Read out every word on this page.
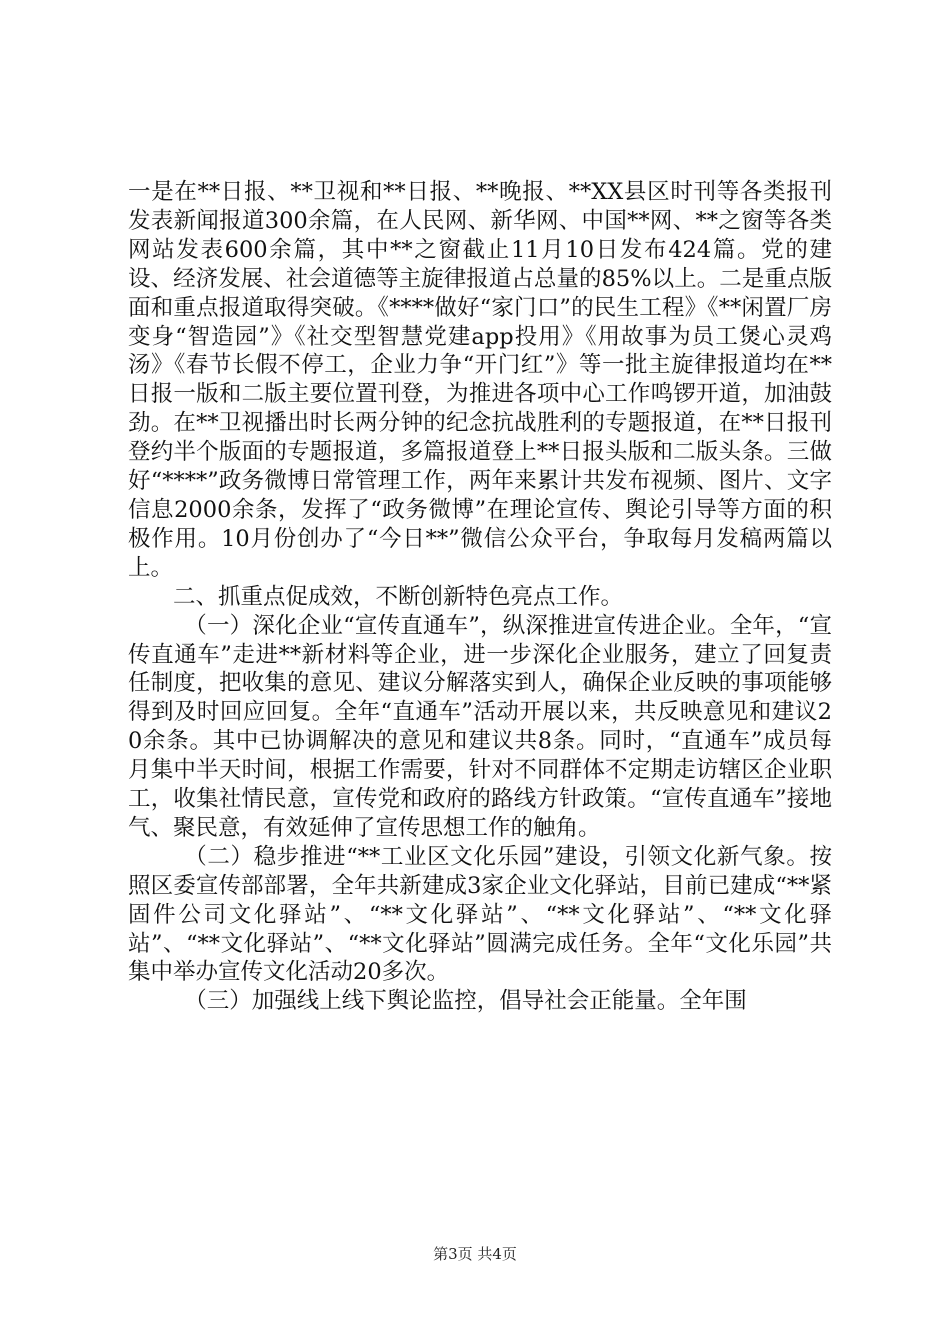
一是在**日报、**卫视和**日报、**晚报、**XX县区时刊等各类报刊发表新闻报道300余篇，在人民网、新华网、中国**网、**之窗等各类网站发表600余篇，其中**之窗截止11月10日发布424篇。党的建设、经济发展、社会道德等主旋律报道占总量的85%以上。二是重点版面和重点报道取得突破。《****做好“家门口”的民生工程》《**闲置厂房变身“智造园”》《社交型智慧党建app投用》《用故事为员工煲心灵鸡汤》《春节长假不停工，企业力争“开门红”》等一批主旋律报道均在**日报一版和二版主要位置刊登，为推进各项中心工作鸣锣开道，加油鼓劲。在**卫视播出时长两分钟的纪念抗战胜利的专题报道，在**日报刊登约半个版面的专题报道，多篇报道登上**日报头版和二版头条。三做好“****”政务微博日常管理工作，两年来累计共发布视频、图片、文字信息2000余条，发挥了“政务微博”在理论宣传、舆论引导等方面的积极作用。10月份创办了“今日**”微信公众平台，争取每月发稿两篇以上。

二、抓重点促成效，不断创新特色亮点工作。

（一）深化企业“宣传直通车”，纵深推进宣传进企业。全年，“宣传直通车”走进**新材料等企业，进一步深化企业服务，建立了回复责任制度，把收集的意见、建议分解落实到人，确保企业反映的事项能够得到及时回应回复。全年“直通车”活动开展以来，共反映意见和建议20余条。其中已协调解决的意见和建议共8条。同时，“直通车”成员每月集中半天时间，根据工作需要，针对不同群体不定期走访辖区企业职工，收集社情民意，宣传党和政府的路线方针政策。“宣传直通车”接地气、聚民意，有效延伸了宣传思想工作的触角。

（二）稳步推进“**工业区文化乐园”建设，引领文化新气象。按照区委宣传部部署，全年共新建成3家企业文化驿站，目前已建成“**紧固件公司文化驿站”、“**文化驿站”、“**文化驿站”、“**文化驿站”、“**文化驿站”、“**文化驿站”圆满完成任务。全年“文化乐园”共集中举办宣传文化活动20多次。

（三）加强线上线下舆论监控，倡导社会正能量。全年围

第3页 共4页
